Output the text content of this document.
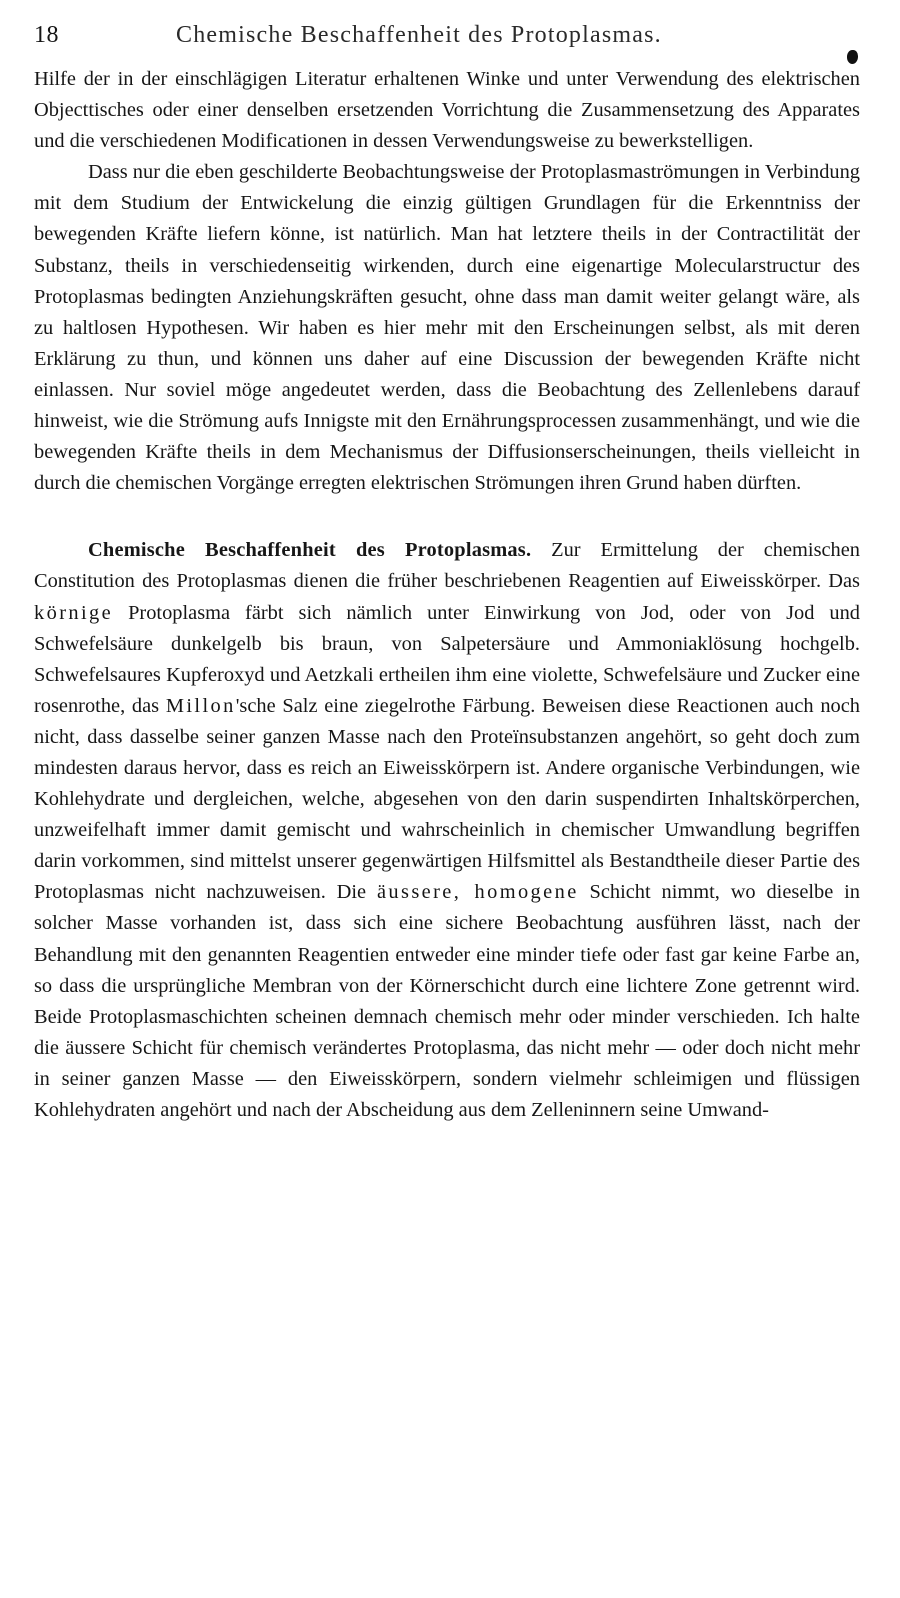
18	Chemische Beschaffenheit des Protoplasmas.

Hilfe der in der einschlägigen Literatur erhaltenen Winke und unter Verwendung des elektrischen Objecttisches oder einer denselben ersetzenden Vorrichtung die Zusammensetzung des Apparates und die verschiedenen Modificationen in dessen Verwendungsweise zu bewerkstelligen.

Dass nur die eben geschilderte Beobachtungsweise der Protoplasmaströmungen in Verbindung mit dem Studium der Entwickelung die einzig gültigen Grundlagen für die Erkenntniss der bewegenden Kräfte liefern könne, ist natürlich. Man hat letztere theils in der Contractilität der Substanz, theils in verschiedenseitig wirkenden, durch eine eigenartige Molecularstructur des Protoplasmas bedingten Anziehungskräften gesucht, ohne dass man damit weiter gelangt wäre, als zu haltlosen Hypothesen. Wir haben es hier mehr mit den Erscheinungen selbst, als mit deren Erklärung zu thun, und können uns daher auf eine Discussion der bewegenden Kräfte nicht einlassen. Nur soviel möge angedeutet werden, dass die Beobachtung des Zellenlebens darauf hinweist, wie die Strömung aufs Innigste mit den Ernährungsprocessen zusammenhängt, und wie die bewegenden Kräfte theils in dem Mechanismus der Diffusionserscheinungen, theils vielleicht in durch die chemischen Vorgänge erregten elektrischen Strömungen ihren Grund haben dürften.

Chemische Beschaffenheit des Protoplasmas. Zur Ermittelung der chemischen Constitution des Protoplasmas dienen die früher beschriebenen Reagentien auf Eiweisskörper. Das körnige Protoplasma färbt sich nämlich unter Einwirkung von Jod, oder von Jod und Schwefelsäure dunkelgelb bis braun, von Salpetersäure und Ammoniaklösung hochgelb. Schwefelsaures Kupferoxyd und Aetzkali ertheilen ihm eine violette, Schwefelsäure und Zucker eine rosenrothe, das Millon'sche Salz eine ziegelrothe Färbung. Beweisen diese Reactionen auch noch nicht, dass dasselbe seiner ganzen Masse nach den Proteïnsubstanzen angehört, so geht doch zum mindesten daraus hervor, dass es reich an Eiweisskörpern ist. Andere organische Verbindungen, wie Kohlehydrate und dergleichen, welche, abgesehen von den darin suspendirten Inhaltskörperchen, unzweifelhaft immer damit gemischt und wahrscheinlich in chemischer Umwandlung begriffen darin vorkommen, sind mittelst unserer gegenwärtigen Hilfsmittel als Bestandtheile dieser Partie des Protoplasmas nicht nachzuweisen. Die äussere, homogene Schicht nimmt, wo dieselbe in solcher Masse vorhanden ist, dass sich eine sichere Beobachtung ausführen lässt, nach der Behandlung mit den genannten Reagentien entweder eine minder tiefe oder fast gar keine Farbe an, so dass die ursprüngliche Membran von der Körnerschicht durch eine lichtere Zone getrennt wird. Beide Protoplasmaschichten scheinen demnach chemisch mehr oder minder verschieden. Ich halte die äussere Schicht für chemisch verändertes Protoplasma, das nicht mehr — oder doch nicht mehr in seiner ganzen Masse — den Eiweisskörpern, sondern vielmehr schleimigen und flüssigen Kohlehydraten angehört und nach der Abscheidung aus dem Zelleninnern seine Umwand-
